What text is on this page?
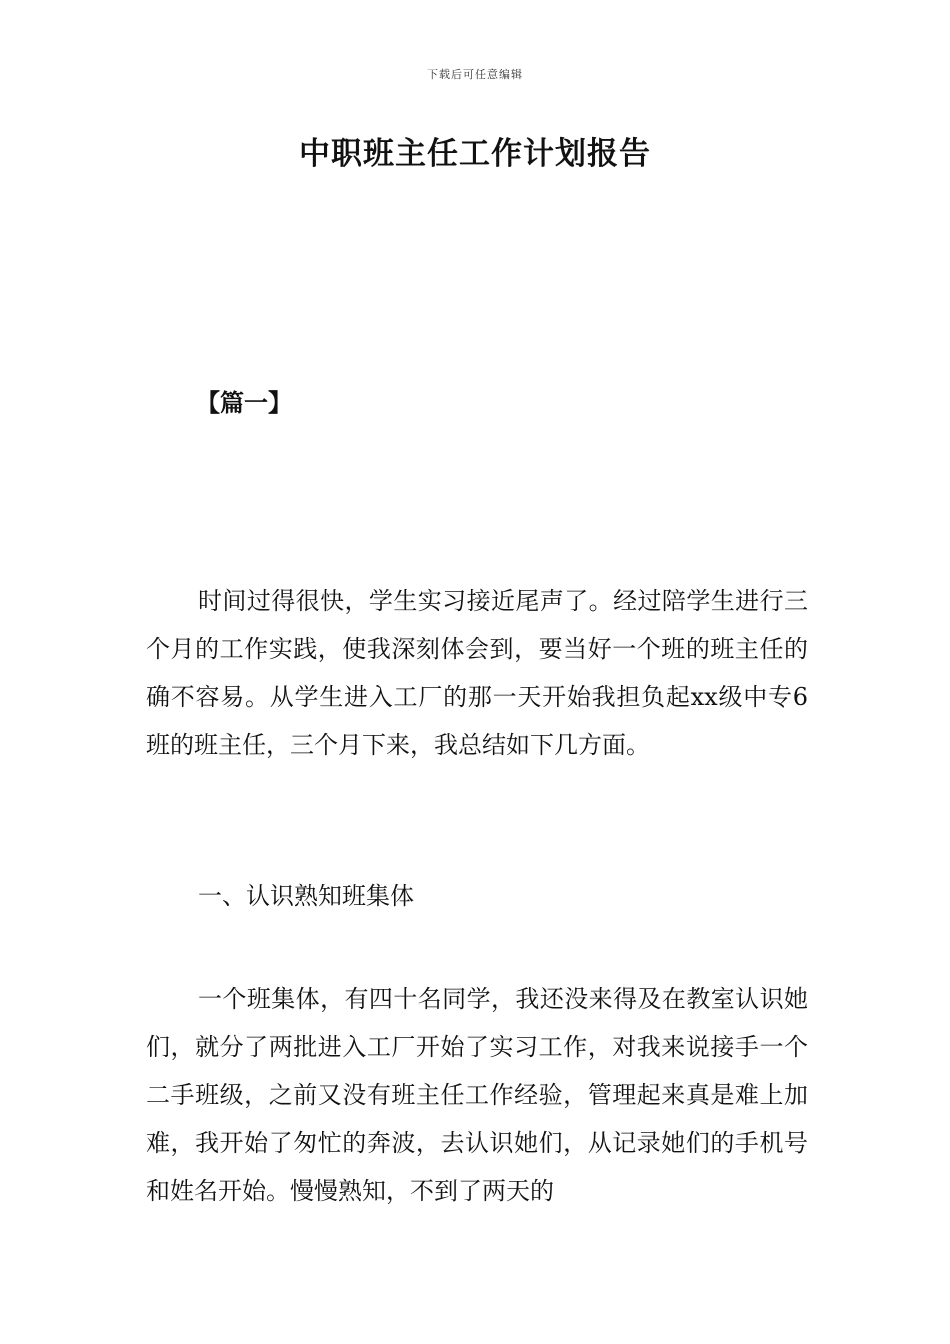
下载后可任意编辑
中职班主任工作计划报告
【篇一】

时间过得很快，学生实习接近尾声了。经过陪学生进行三个月的工作实践，使我深刻体会到，要当好一个班的班主任的确不容易。从学生进入工厂的那一天开始我担负起xx级中专6班的班主任，三个月下来，我总结如下几方面。

一、认识熟知班集体

一个班集体，有四十名同学，我还没来得及在教室认识她们，就分了两批进入工厂开始了实习工作，对我来说接手一个二手班级，之前又没有班主任工作经验，管理起来真是难上加难，我开始了匆忙的奔波，去认识她们，从记录她们的手机号和姓名开始。慢慢熟知，不到了两天的
